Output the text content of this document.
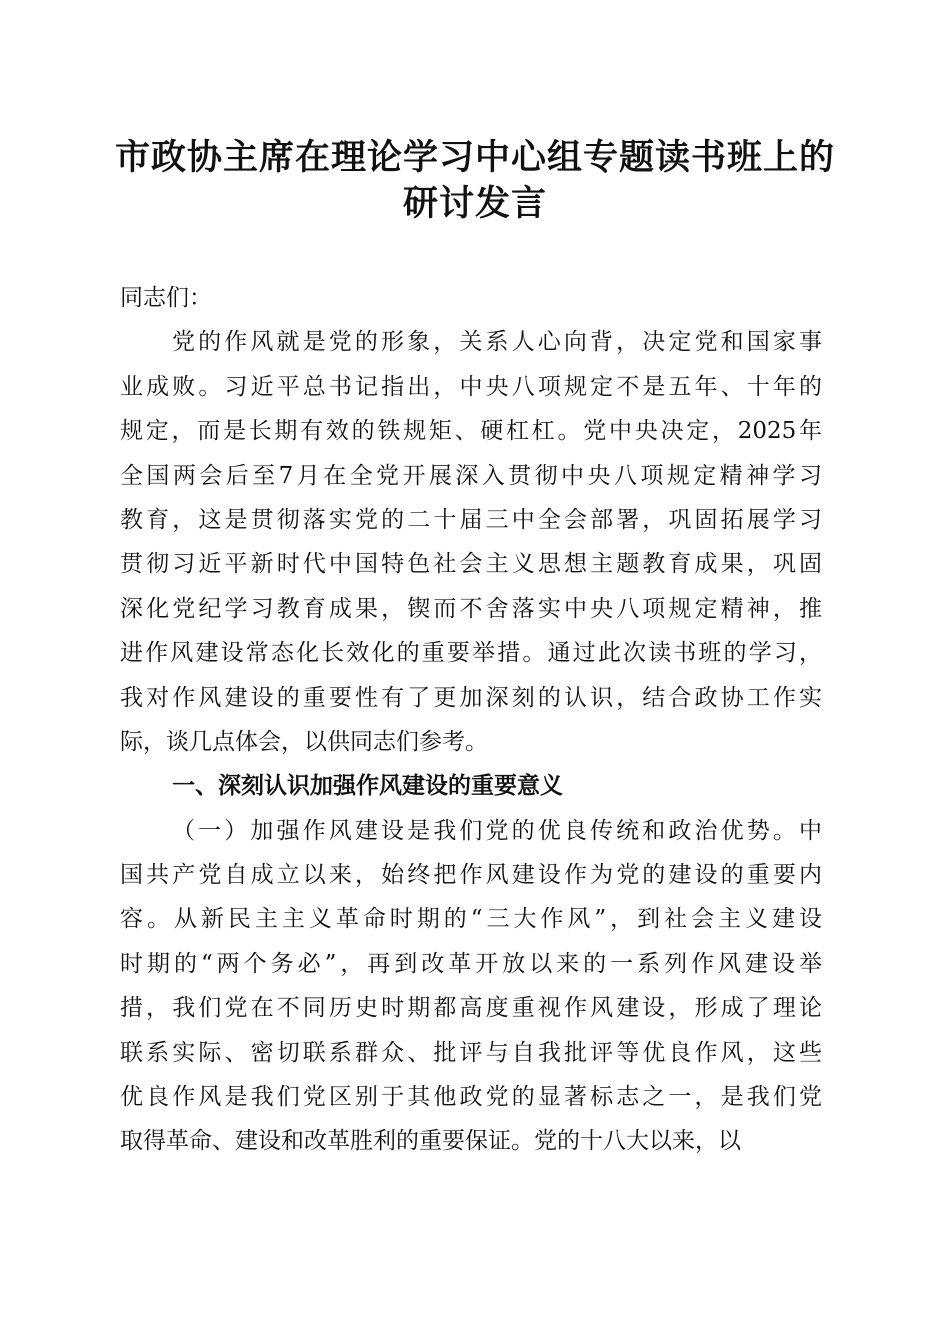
市政协主席在理论学习中心组专题读书班上的
研讨发言
同志们：
党的作风就是党的形象，关系人心向背，决定党和国家事
业成败。习近平总书记指出，中央八项规定不是五年、十年的
规定，而是长期有效的铁规矩、硬杠杠。党中央决定，2025年
全国两会后至7月在全党开展深入贯彻中央八项规定精神学习
教育，这是贯彻落实党的二十届三中全会部署，巩固拓展学习
贯彻习近平新时代中国特色社会主义思想主题教育成果，巩固
深化党纪学习教育成果，锲而不舍落实中央八项规定精神，推
进作风建设常态化长效化的重要举措。通过此次读书班的学习，
我对作风建设的重要性有了更加深刻的认识，结合政协工作实
际，谈几点体会，以供同志们参考。
一、深刻认识加强作风建设的重要意义
（一）加强作风建设是我们党的优良传统和政治优势。中
国共产党自成立以来，始终把作风建设作为党的建设的重要内
容。从新民主主义革命时期的“三大作风”，到社会主义建设
时期的“两个务必”，再到改革开放以来的一系列作风建设举
措，我们党在不同历史时期都高度重视作风建设，形成了理论
联系实际、密切联系群众、批评与自我批评等优良作风，这些
优良作风是我们党区别于其他政党的显著标志之一，是我们党
取得革命、建设和改革胜利的重要保证。党的十八大以来，以
